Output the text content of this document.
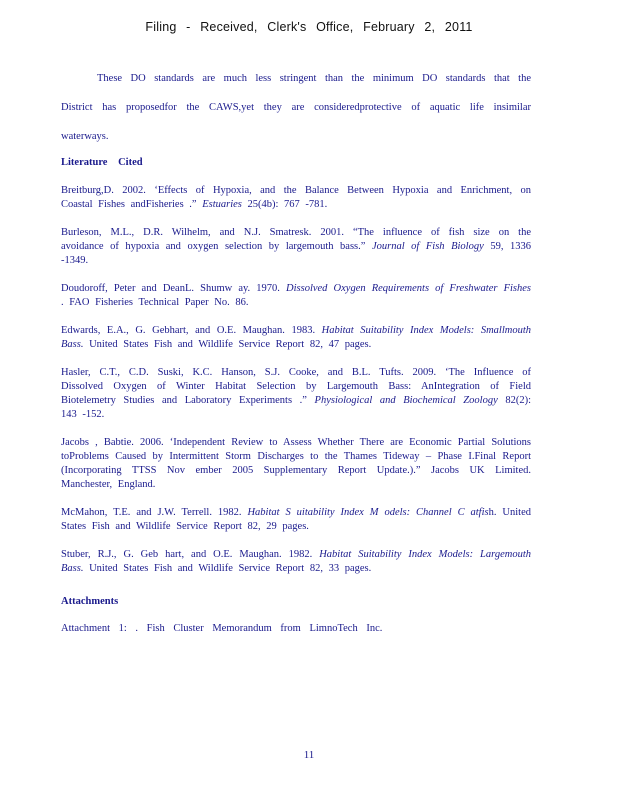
Filing - Received, Clerk's Office, February 2, 2011
These DO standards are much less stringent than the minimum DO standards that the
District has proposedfor the CAWS,yet they are consideredprotective of aquatic life insimilar
waterways.
Literature Cited

Breitburg,D. 2002. ‘Effects of Hypoxia, and the Balance Between Hypoxia and Enrichment, on Coastal Fishes andFisheries .” Estuaries 25(4b): 767 -781.

Burleson, M.L., D.R. Wilhelm, and N.J. Smatresk. 2001. “The influence of fish size on the avoidance of hypoxia and oxygen selection by largemouth bass.” Journal of Fish Biology 59, 1336 -1349.

Doudoroff, Peter and DeanL. Shumw ay. 1970. Dissolved Oxygen Requirements of Freshwater Fishes . FAO Fisheries Technical Paper No. 86.

Edwards, E.A., G. Gebhart, and O.E. Maughan. 1983. Habitat Suitability Index Models: Smallmouth Bass. United States Fish and Wildlife Service Report 82, 47 pages.

Hasler, C.T., C.D. Suski, K.C. Hanson, S.J. Cooke, and B.L. Tufts. 2009. ‘The Influence of Dissolved Oxygen of Winter Habitat Selection by Largemouth Bass: AnIntegration of Field Biotelemetry Studies and Laboratory Experiments .” Physiological and Biochemical Zoology 82(2): 143 -152.

Jacobs , Babtie. 2006. ‘Independent Review to Assess Whether There are Economic Partial Solutions toProblems Caused by Intermittent Storm Discharges to the Thames Tideway – Phase I.Final Report (Incorporating TTSS Nov ember 2005 Supplementary Report Update.).” Jacobs UK Limited. Manchester, England.

McMahon, T.E. and J.W. Terrell. 1982. Habitat S uitability Index M odels: Channel C atfish. United States Fish and Wildlife Service Report 82, 29 pages.

Stuber, R.J., G. Geb hart, and O.E. Maughan. 1982. Habitat Suitability Index Models: Largemouth Bass. United States Fish and Wildlife Service Report 82, 33 pages.

Attachments
Attachment 1: . Fish Cluster Memorandum from LimnoTech Inc.
11
